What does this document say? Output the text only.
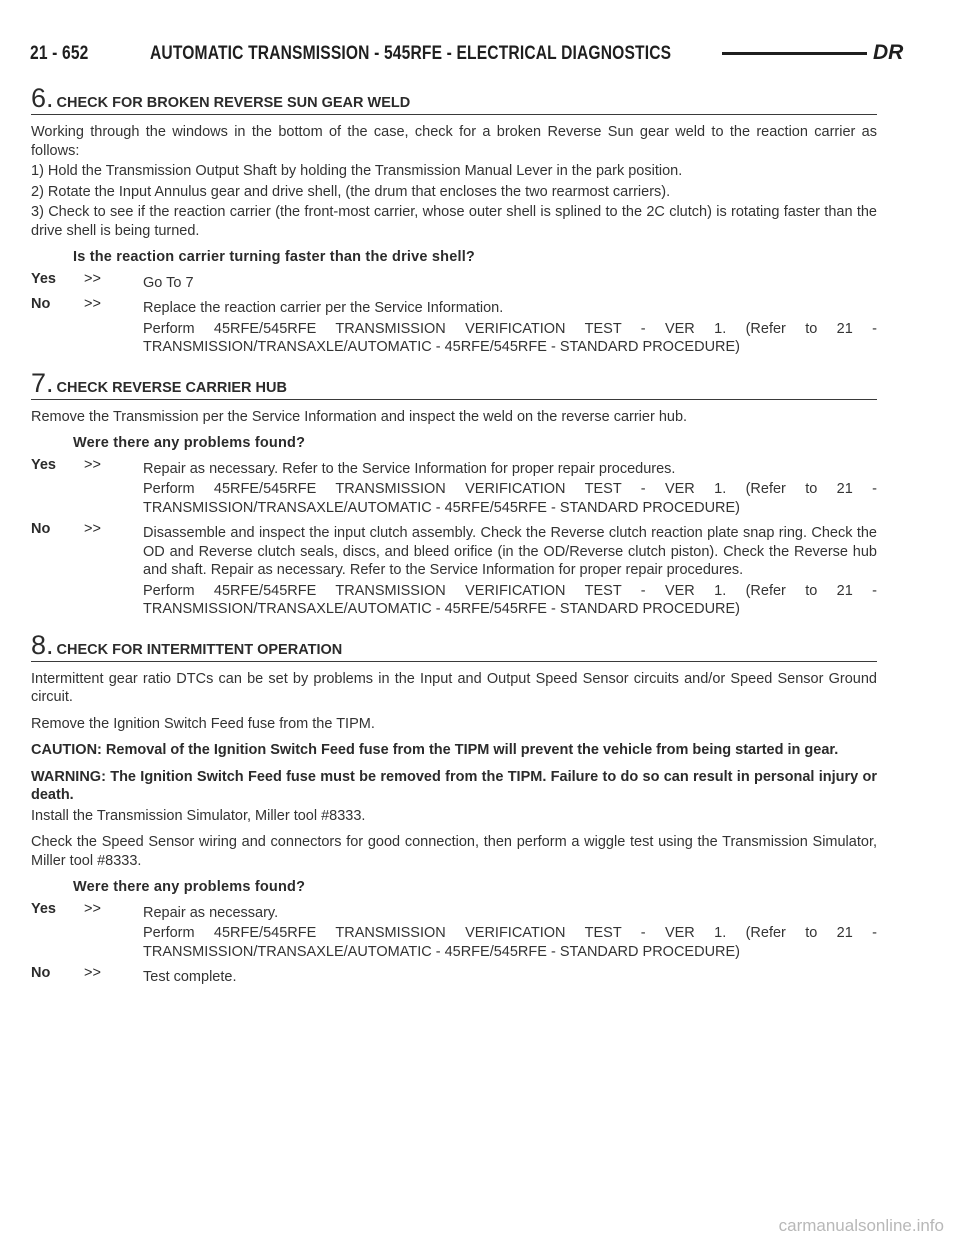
21 - 652	AUTOMATIC TRANSMISSION - 545RFE - ELECTRICAL DIAGNOSTICS	DR
6. CHECK FOR BROKEN REVERSE SUN GEAR WELD

Working through the windows in the bottom of the case, check for a broken Reverse Sun gear weld to the reaction carrier as follows:

1) Hold the Transmission Output Shaft by holding the Transmission Manual Lever in the park position.

2) Rotate the Input Annulus gear and drive shell, (the drum that encloses the two rearmost carriers).

3) Check to see if the reaction carrier (the front-most carrier, whose outer shell is splined to the 2C clutch) is rotating faster than the drive shell is being turned.

Is the reaction carrier turning faster than the drive shell?
Yes >>	Go To 7
No >>	Replace the reaction carrier per the Service Information.
Perform 45RFE/545RFE TRANSMISSION VERIFICATION TEST - VER 1. (Refer to 21 - TRANSMISSION/TRANSAXLE/AUTOMATIC - 45RFE/545RFE - STANDARD PROCEDURE)
7. CHECK REVERSE CARRIER HUB

Remove the Transmission per the Service Information and inspect the weld on the reverse carrier hub.

Were there any problems found?
Yes >>	Repair as necessary. Refer to the Service Information for proper repair procedures.
Perform 45RFE/545RFE TRANSMISSION VERIFICATION TEST - VER 1. (Refer to 21 - TRANSMISSION/TRANSAXLE/AUTOMATIC - 45RFE/545RFE - STANDARD PROCEDURE)
No >>	Disassemble and inspect the input clutch assembly. Check the Reverse clutch reaction plate snap ring. Check the OD and Reverse clutch seals, discs, and bleed orifice (in the OD/Reverse clutch piston). Check the Reverse hub and shaft. Repair as necessary. Refer to the Service Information for proper repair procedures.
Perform 45RFE/545RFE TRANSMISSION VERIFICATION TEST - VER 1. (Refer to 21 - TRANSMISSION/TRANSAXLE/AUTOMATIC - 45RFE/545RFE - STANDARD PROCEDURE)
8. CHECK FOR INTERMITTENT OPERATION

Intermittent gear ratio DTCs can be set by problems in the Input and Output Speed Sensor circuits and/or Speed Sensor Ground circuit.

Remove the Ignition Switch Feed fuse from the TIPM.

CAUTION: Removal of the Ignition Switch Feed fuse from the TIPM will prevent the vehicle from being started in gear.

WARNING: The Ignition Switch Feed fuse must be removed from the TIPM. Failure to do so can result in personal injury or death.

Install the Transmission Simulator, Miller tool #8333.

Check the Speed Sensor wiring and connectors for good connection, then perform a wiggle test using the Transmission Simulator, Miller tool #8333.

Were there any problems found?
Yes >>	Repair as necessary.
Perform 45RFE/545RFE TRANSMISSION VERIFICATION TEST - VER 1. (Refer to 21 - TRANSMISSION/TRANSAXLE/AUTOMATIC - 45RFE/545RFE - STANDARD PROCEDURE)
No >>	Test complete.
carmanualsonline.info
